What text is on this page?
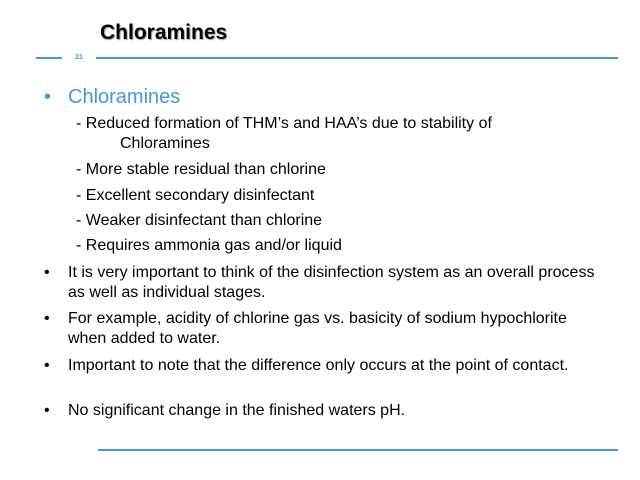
Chloramines
21
• Chloramines
- Reduced formation of THM’s and HAA’s due to stability of
Chloramines
- More stable residual than chlorine
- Excellent secondary disinfectant
- Weaker disinfectant than chlorine
- Requires ammonia gas and/or liquid
• It is very important to think of the disinfection system as an overall process as well as individual stages.
• For example, acidity of chlorine gas vs. basicity of sodium hypochlorite when added to water.
• Important to note that the difference only occurs at the point of contact.
• No significant change in the finished waters pH.
